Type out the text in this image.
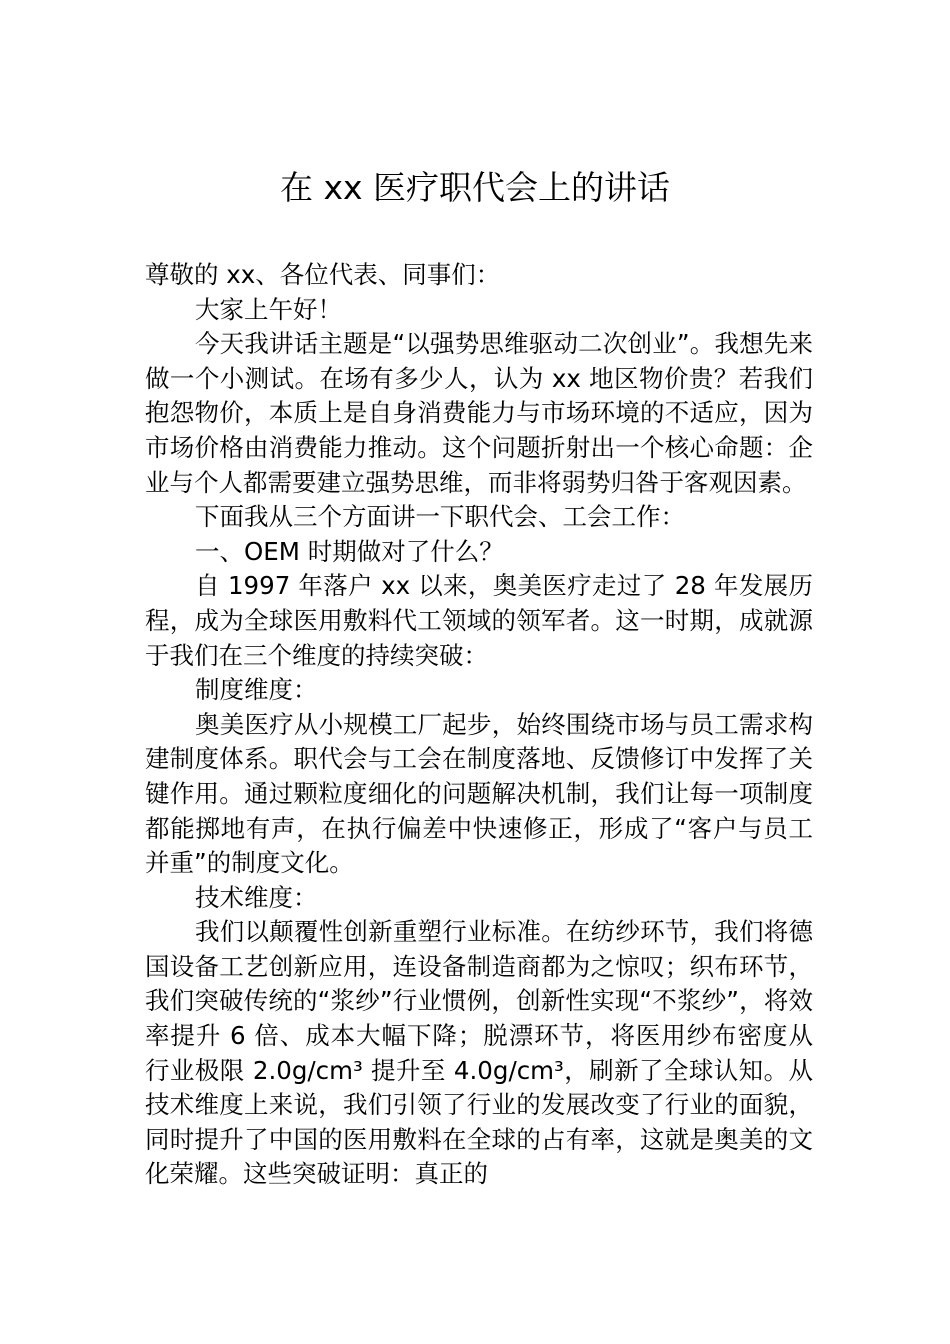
在 xx 医疗职代会上的讲话

尊敬的 xx、各位代表、同事们：

大家上午好！

今天我讲话主题是“以强势思维驱动二次创业”。我想先来做一个小测试。在场有多少人，认为 xx 地区物价贵？若我们抱怨物价，本质上是自身消费能力与市场环境的不适应，因为市场价格由消费能力推动。这个问题折射出一个核心命题：企业与个人都需要建立强势思维，而非将弱势归咎于客观因素。

下面我从三个方面讲一下职代会、工会工作：

一、OEM 时期做对了什么？

自 1997 年落户 xx 以来，奥美医疗走过了 28 年发展历程，成为全球医用敷料代工领域的领军者。这一时期，成就源于我们在三个维度的持续突破：

制度维度：

奥美医疗从小规模工厂起步，始终围绕市场与员工需求构建制度体系。职代会与工会在制度落地、反馈修订中发挥了关键作用。通过颗粒度细化的问题解决机制，我们让每一项制度都能掷地有声，在执行偏差中快速修正，形成了“客户与员工并重”的制度文化。

技术维度：

我们以颠覆性创新重塑行业标准。在纺纱环节，我们将德国设备工艺创新应用，连设备制造商都为之惊叹；织布环节，我们突破传统的“浆纱”行业惯例，创新性实现“不浆纱”，将效率提升 6 倍、成本大幅下降；脱漂环节，将医用纱布密度从行业极限 2.0g/cm³ 提升至 4.0g/cm³，刷新了全球认知。从技术维度上来说，我们引领了行业的发展改变了行业的面貌，同时提升了中国的医用敷料在全球的占有率，这就是奥美的文化荣耀。这些突破证明：真正的
